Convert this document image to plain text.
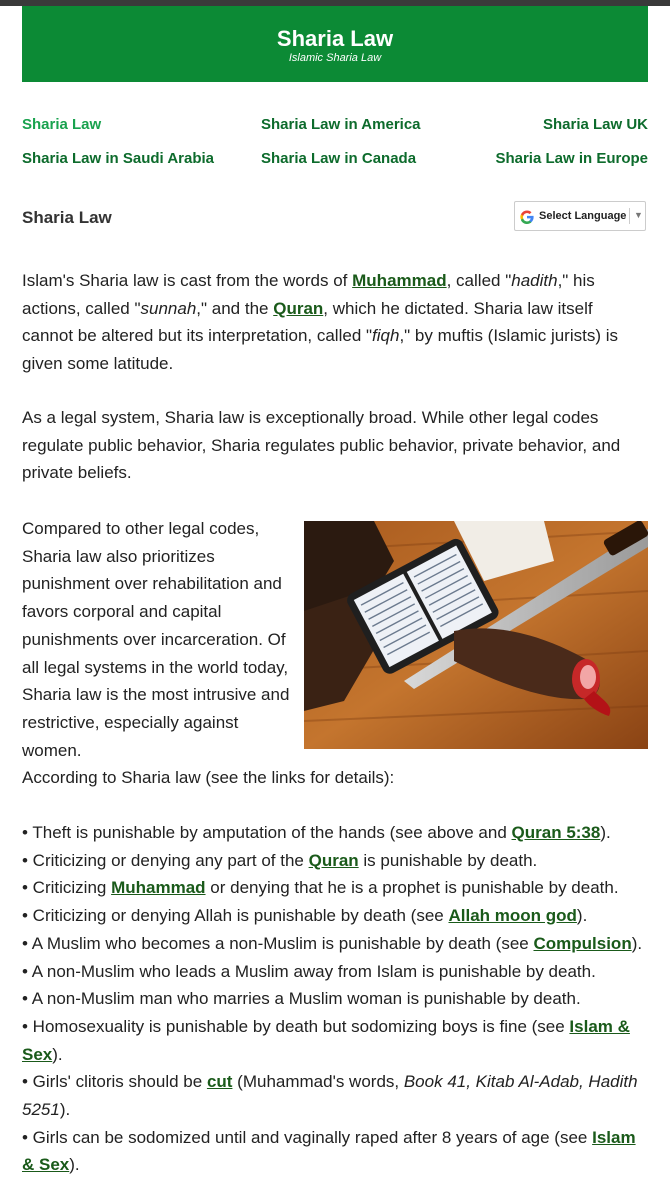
Sharia Law
Islamic Sharia Law
Sharia Law	Sharia Law in America	Sharia Law UK
Sharia Law in Saudi Arabia	Sharia Law in Canada	Sharia Law in Europe
Sharia Law	Select Language ▼

Islam's Sharia law is cast from the words of Muhammad, called "hadith," his actions, called "sunnah," and the Quran, which he dictated. Sharia law itself cannot be altered but its interpretation, called "fiqh," by muftis (Islamic jurists) is given some latitude.

As a legal system, Sharia law is exceptionally broad. While other legal codes regulate public behavior, Sharia regulates public behavior, private behavior, and private beliefs.

Compared to other legal codes, Sharia law also prioritizes punishment over rehabilitation and favors corporal and capital punishments over incarceration. Of all legal systems in the world today, Sharia law is the most intrusive and restrictive, especially against women.

According to Sharia law (see the links for details):

• Theft is punishable by amputation of the hands (see above and Quran 5:38).
• Criticizing or denying any part of the Quran is punishable by death.
• Criticizing Muhammad or denying that he is a prophet is punishable by death.
• Criticizing or denying Allah is punishable by death (see Allah moon god).
• A Muslim who becomes a non-Muslim is punishable by death (see Compulsion).
• A non-Muslim who leads a Muslim away from Islam is punishable by death.
• A non-Muslim man who marries a Muslim woman is punishable by death.
• Homosexuality is punishable by death but sodomizing boys is fine (see Islam & Sex).
• Girls' clitoris should be cut (Muhammad's words, Book 41, Kitab Al-Adab, Hadith 5251).
• Girls can be sodomized until and vaginally raped after 8 years of age (see Islam & Sex).
